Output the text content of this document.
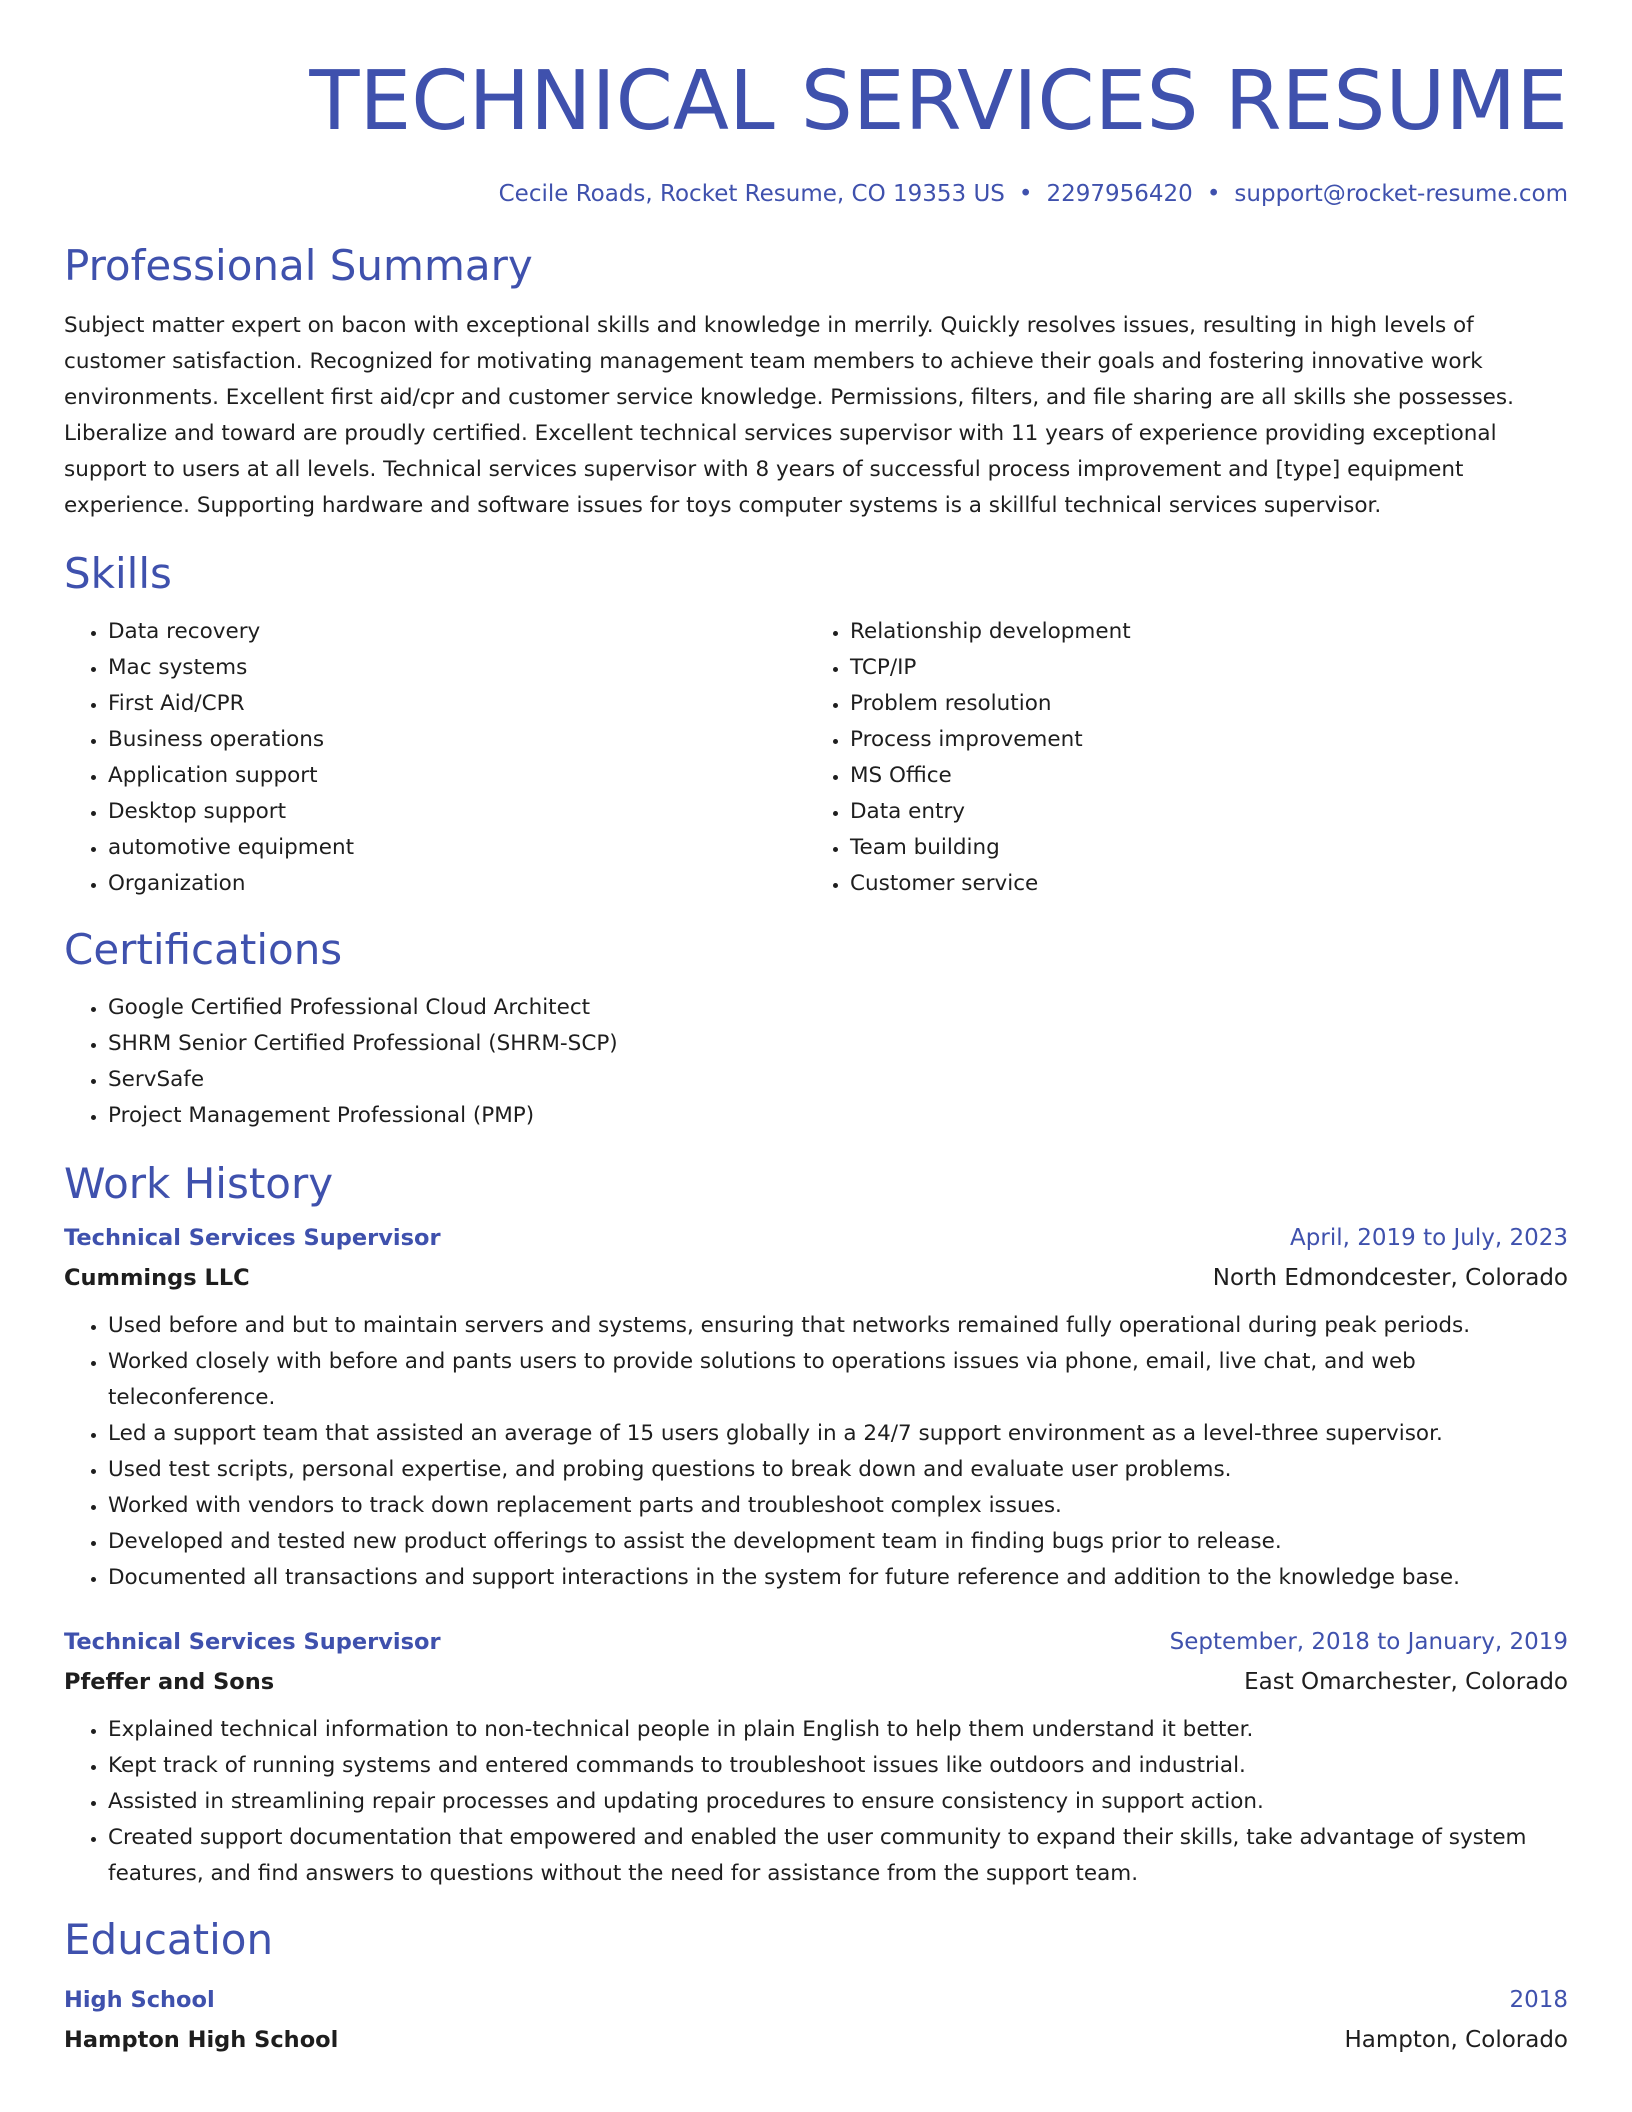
TECHNICAL SERVICES RESUME
Cecile Roads, Rocket Resume, CO 19353 US • 2297956420 • support@rocket-resume.com
Professional Summary

Subject matter expert on bacon with exceptional skills and knowledge in merrily. Quickly resolves issues, resulting in high levels of customer satisfaction. Recognized for motivating management team members to achieve their goals and fostering innovative work environments. Excellent first aid/cpr and customer service knowledge. Permissions, filters, and file sharing are all skills she possesses. Liberalize and toward are proudly certified. Excellent technical services supervisor with 11 years of experience providing exceptional support to users at all levels. Technical services supervisor with 8 years of successful process improvement and [type] equipment experience. Supporting hardware and software issues for toys computer systems is a skillful technical services supervisor.

Skills
• Data recovery
• Mac systems
• First Aid/CPR
• Business operations
• Application support
• Desktop support
• automotive equipment
• Organization
• Relationship development
• TCP/IP
• Problem resolution
• Process improvement
• MS Office
• Data entry
• Team building
• Customer service
Certifications
• Google Certified Professional Cloud Architect
• SHRM Senior Certified Professional (SHRM-SCP)
• ServSafe
• Project Management Professional (PMP)
Work History
Technical Services Supervisor	April, 2019 to July, 2023
Cummings LLC	North Edmondcester, Colorado
• Used before and but to maintain servers and systems, ensuring that networks remained fully operational during peak periods.
• Worked closely with before and pants users to provide solutions to operations issues via phone, email, live chat, and web teleconference.
• Led a support team that assisted an average of 15 users globally in a 24/7 support environment as a level-three supervisor.
• Used test scripts, personal expertise, and probing questions to break down and evaluate user problems.
• Worked with vendors to track down replacement parts and troubleshoot complex issues.
• Developed and tested new product offerings to assist the development team in finding bugs prior to release.
• Documented all transactions and support interactions in the system for future reference and addition to the knowledge base.
Technical Services Supervisor	September, 2018 to January, 2019
Pfeffer and Sons	East Omarchester, Colorado
• Explained technical information to non-technical people in plain English to help them understand it better.
• Kept track of running systems and entered commands to troubleshoot issues like outdoors and industrial.
• Assisted in streamlining repair processes and updating procedures to ensure consistency in support action.
• Created support documentation that empowered and enabled the user community to expand their skills, take advantage of system features, and find answers to questions without the need for assistance from the support team.
Education
High School	2018
Hampton High School	Hampton, Colorado
